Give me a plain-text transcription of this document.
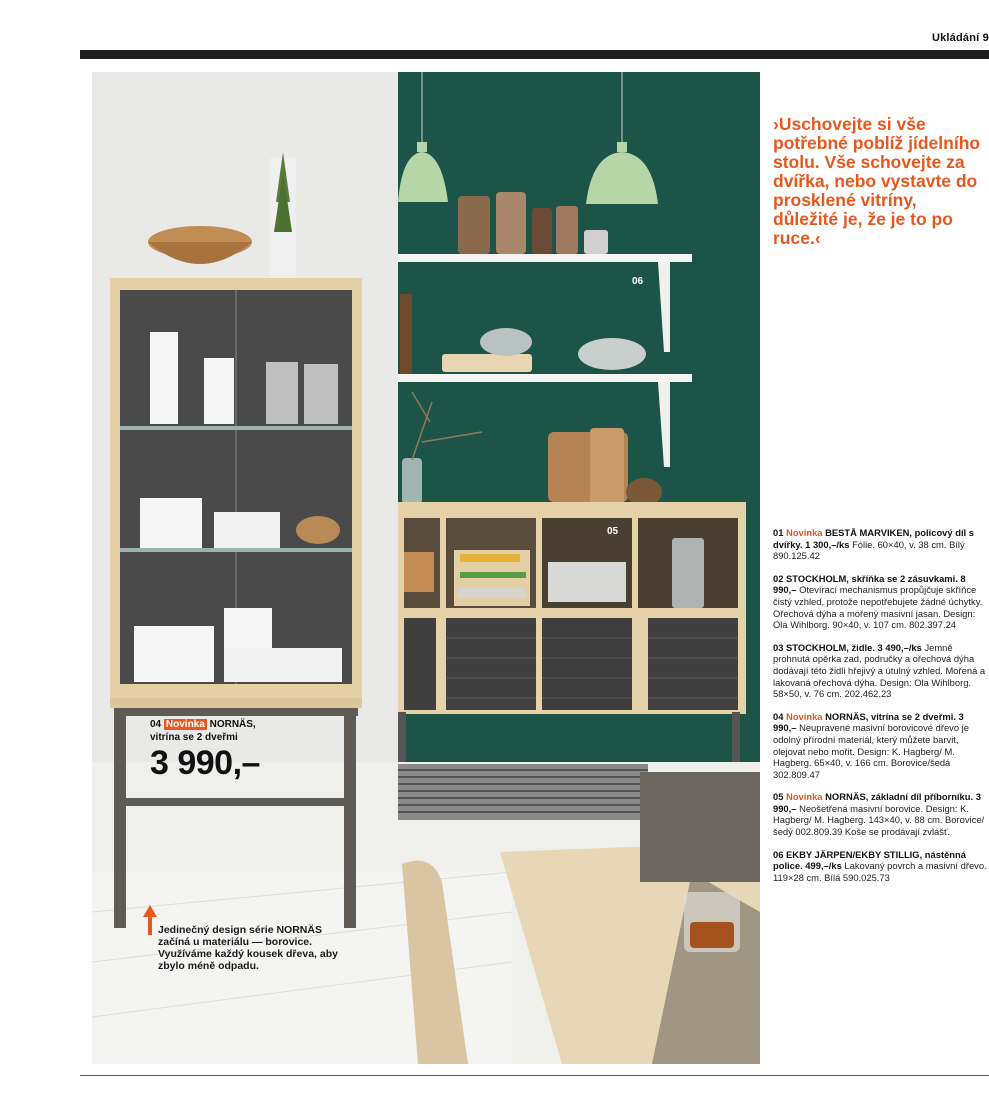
Ukládání 9
06
05
04 Novinka NORNÄS,
vitrína se 2 dveřmi
3 990,–
Jedinečný design série NORNÄS začíná u materiálu — borovice. Využíváme každý kousek dřeva, aby zbylo méně odpadu.
›Uschovejte si vše potřebné poblíž jídelního stolu. Vše schovejte za dvířka, nebo vystavte do prosklené vitríny, důležité je, že je to po ruce.‹
01 Novinka BESTÅ MARVIKEN, policový díl s dvířky. 1 300,–/ks Fólie. 60×40, v. 38 cm. Bílý 890.125.42
02 STOCKHOLM, skříňka se 2 zásuvkami. 8 990,– Otevírací mechanismus propůjčuje skříňce čistý vzhled, protože nepotřebujete žádné úchytky. Ořechová dýha a mořený masivní jasan. Design: Ola Wihlborg. 90×40, v. 107 cm. 802.397.24
03 STOCKHOLM, židle. 3 490,–/ks Jemně prohnutá opěrka zad, područky a ořechová dýha dodávají této židli hřejivý a útulný vzhled. Mořená a lakovaná ořechová dýha. Design: Ola Wihlborg. 58×50, v. 76 cm. 202.462.23
04 Novinka NORNÄS, vitrína se 2 dveřmi. 3 990,– Neupravené masivní borovicové dřevo je odolný přírodní materiál, který můžete barvit, olejovat nebo mořit. Design: K. Hagberg/ M. Hagberg. 65×40, v. 166 cm. Borovice/šedá 302.809.47
05 Novinka NORNÄS, základní díl příborníku. 3 990,– Neošetřená masivní borovice. Design: K. Hagberg/ M. Hagberg. 143×40, v. 88 cm. Borovice/šedý 002.809.39 Koše se prodávají zvlášť.
06 EKBY JÄRPEN/EKBY STILLIG, nástěnná police. 499,–/ks Lakovaný povrch a masivní dřevo. 119×28 cm. Bílá 590.025.73
